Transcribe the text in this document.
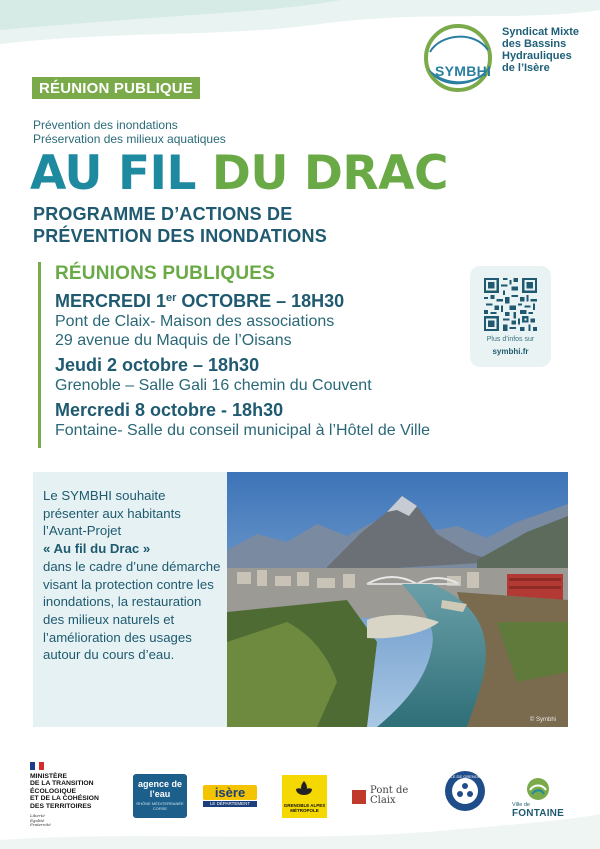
SYMBHI
Syndicat Mixte
des Bassins
Hydrauliques
de l’Isère
RÉUNION PUBLIQUE
Prévention des inondations
Préservation des milieux aquatiques
AU FIL DU DRAC
PROGRAMME D’ACTIONS DE
PRÉVENTION DES INONDATIONS
RÉUNIONS PUBLIQUES
MERCREDI 1er OCTOBRE – 18H30
Pont de Claix- Maison des associations
29 avenue du Maquis de l’Oisans
Jeudi 2 octobre – 18h30
Grenoble – Salle Gali 16 chemin du Couvent
Mercredi 8 octobre - 18h30
Fontaine- Salle du conseil municipal à l’Hôtel de Ville
Plus d’infos sur
symbhi.fr
Le SYMBHI souhaite présenter aux habitants l’Avant-Projet
« Au fil du Drac »
dans le cadre d’une démarche visant la protection contre les inondations, la restauration des milieux naturels et l’amélioration des usages autour du cours d’eau.
© Symbhi
MINISTÈRE
DE LA TRANSITION
ÉCOLOGIQUE
ET DE LA COHÉSION
DES TERRITOIRES
Liberté
Égalité
Fraternité
agence de l’eau
RHÔNE MÉDITERRANÉE CORSE
isère
LE DÉPARTEMENT	GRENOBLE ALPES MÉTROPOLE
Pont de Claix
VILLE DE GRENOBLE
Ville de
FONTAINE
